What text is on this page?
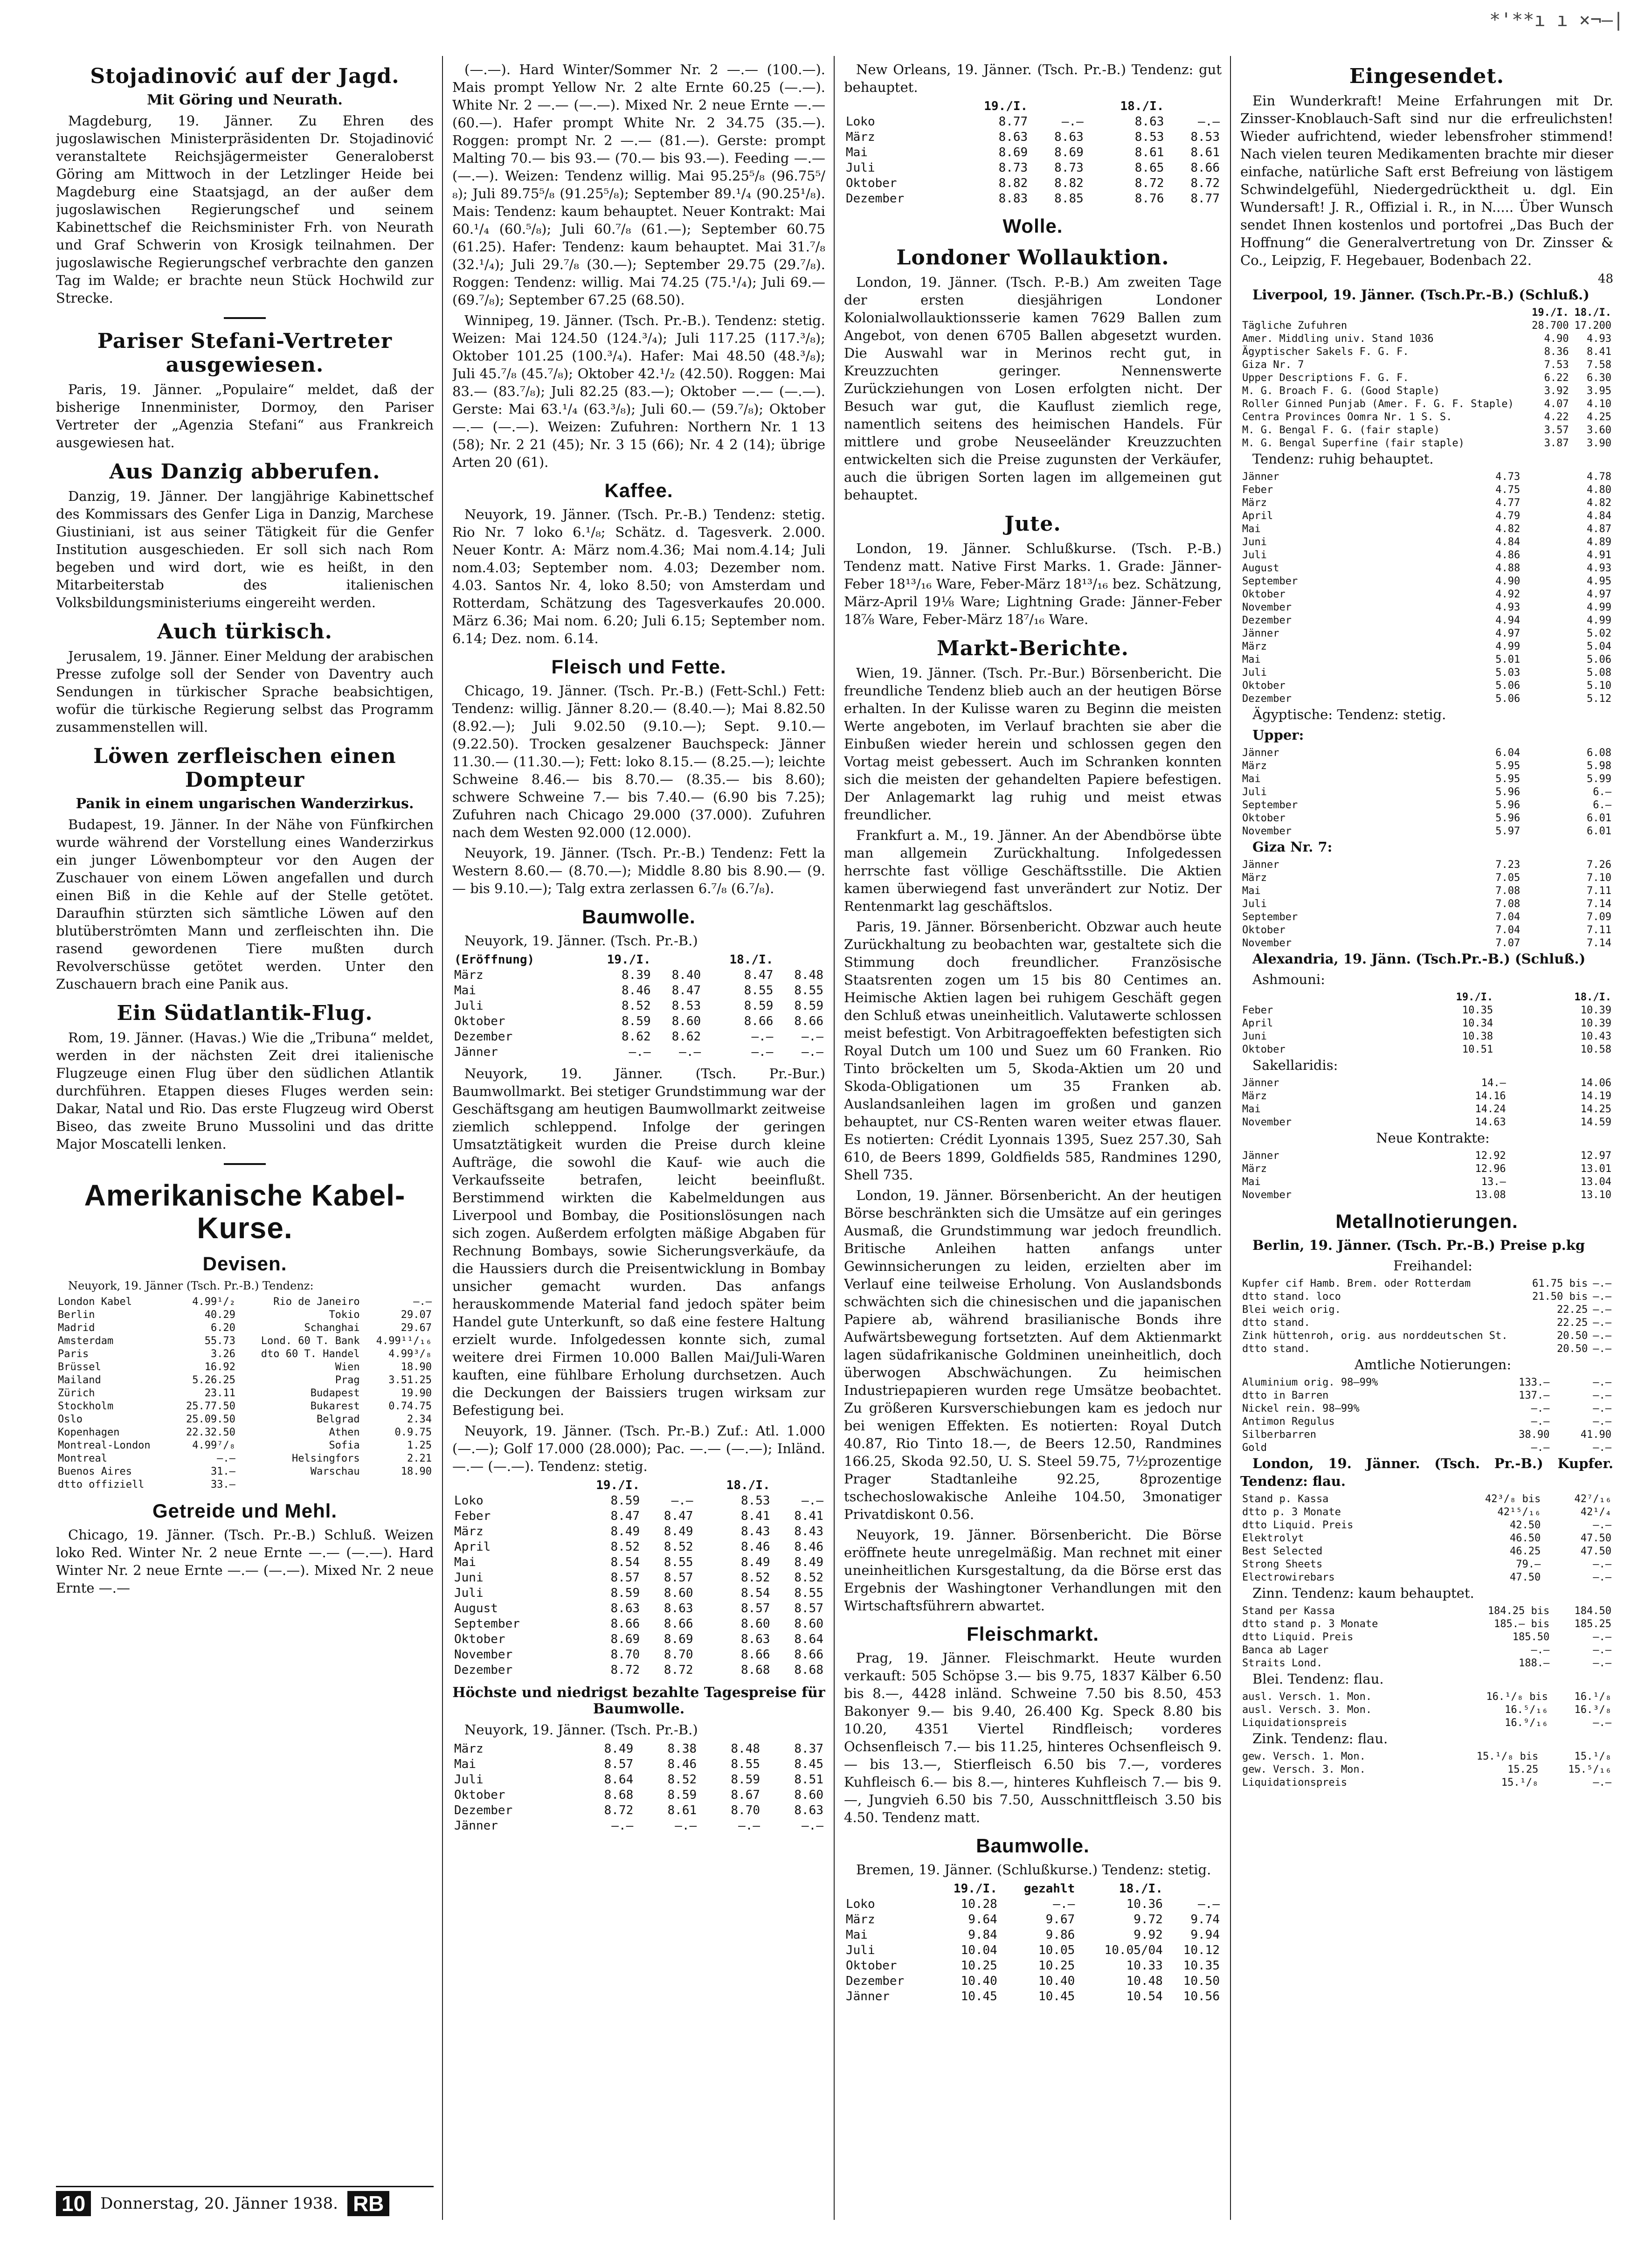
*'**ı ı ×¬—|
Stojadinović auf der Jagd.
Mit Göring und Neurath.

Magdeburg, 19. Jänner. Zu Ehren des jugoslawischen Ministerpräsidenten Dr. Stojadinović veranstaltete Reichsjägermeister Generaloberst Göring am Mittwoch in der Letzlinger Heide bei Magdeburg eine Staatsjagd, an der außer dem jugoslawischen Regierungschef und seinem Kabinettschef die Reichsminister Frh. von Neurath und Graf Schwerin von Krosigk teilnahmen. Der jugoslawische Regierungschef verbrachte den ganzen Tag im Walde; er brachte neun Stück Hochwild zur Strecke.

Pariser Stefani-Vertreter ausgewiesen.

Paris, 19. Jänner. „Populaire“ meldet, daß der bisherige Innenminister, Dormoy, den Pariser Vertreter der „Agenzia Stefani“ aus Frankreich ausgewiesen hat.

Aus Danzig abberufen.

Danzig, 19. Jänner. Der langjährige Kabinettschef des Kommissars des Genfer Liga in Danzig, Marchese Giustiniani, ist aus seiner Tätigkeit für die Genfer Institution ausgeschieden. Er soll sich nach Rom begeben und wird dort, wie es heißt, in den Mitarbeiterstab des italienischen Volksbildungsministeriums eingereiht werden.

Auch türkisch.

Jerusalem, 19. Jänner. Einer Meldung der arabischen Presse zufolge soll der Sender von Daventry auch Sendungen in türkischer Sprache beabsichtigen, wofür die türkische Regierung selbst das Programm zusammenstellen will.

Löwen zerfleischen einen Dompteur
Panik in einem ungarischen Wanderzirkus.

Budapest, 19. Jänner. In der Nähe von Fünfkirchen wurde während der Vorstellung eines Wanderzirkus ein junger Löwenbompteur vor den Augen der Zuschauer von einem Löwen angefallen und durch einen Biß in die Kehle auf der Stelle getötet. Daraufhin stürzten sich sämtliche Löwen auf den blutüberströmten Mann und zerfleischten ihn. Die rasend gewordenen Tiere mußten durch Revolverschüsse getötet werden. Unter den Zuschauern brach eine Panik aus.

Ein Südatlantik-Flug.

Rom, 19. Jänner. (Havas.) Wie die „Tribuna“ meldet, werden in der nächsten Zeit drei italienische Flugzeuge einen Flug über den südlichen Atlantik durchführen. Etappen dieses Fluges werden sein: Dakar, Natal und Rio. Das erste Flugzeug wird Oberst Biseo, das zweite Bruno Mussolini und das dritte Major Moscatelli lenken.

Amerikanische Kabel-Kurse.
Devisen.

Neuyork, 19. Jänner (Tsch. Pr.-B.) Tendenz:

London Kabel	4.99¹/₂	Rio de Janeiro	—.—
Berlin	40.29	Tokio	29.07
Madrid	6.20	Schanghai	29.67
Amsterdam	55.73	Lond. 60 T. Bank	4.99¹¹/₁₆
Paris	3.26	dto 60 T. Handel	4.99³/₈
Brüssel	16.92	Wien	18.90
Mailand	5.26.25	Prag	3.51.25
Zürich	23.11	Budapest	19.90
Stockholm	25.77.50	Bukarest	0.74.75
Oslo	25.09.50	Belgrad	2.34
Kopenhagen	22.32.50	Athen	0.9.75
Montreal-London	4.99⁷/₈	Sofia	1.25
Montreal	—.—	Helsingfors	2.21
Buenos Aires	31.—	Warschau	18.90
dtto offiziell	33.—		
Getreide und Mehl.

Chicago, 19. Jänner. (Tsch. Pr.-B.) Schluß. Weizen loko Red. Winter Nr. 2 neue Ernte —.— (—.—). Hard Winter Nr. 2 neue Ernte —.— (—.—). Mixed Nr. 2 neue Ernte —.—

10 Donnerstag, 20. Jänner 1938. RB

(—.—). Hard Winter/Sommer Nr. 2 —.— (100.—). Mais prompt Yellow Nr. 2 alte Ernte 60.25 (—.—). White Nr. 2 —.— (—.—). Mixed Nr. 2 neue Ernte —.— (60.—). Hafer prompt White Nr. 2 34.75 (35.—). Roggen: prompt Nr. 2 —.— (81.—). Gerste: prompt Malting 70.— bis 93.— (70.— bis 93.—). Feeding —.— (—.—). Weizen: Tendenz willig. Mai 95.25⁵/₈ (96.75⁵/₈); Juli 89.75⁵/₈ (91.25⁵/₈); September 89.¹/₄ (90.25¹/₈). Mais: Tendenz: kaum behauptet. Neuer Kontrakt: Mai 60.¹/₄ (60.⁵/₈); Juli 60.⁷/₈ (61.—); September 60.75 (61.25). Hafer: Tendenz: kaum behauptet. Mai 31.⁷/₈ (32.¹/₄); Juli 29.⁷/₈ (30.—); September 29.75 (29.⁷/₈). Roggen: Tendenz: willig. Mai 74.25 (75.¹/₄); Juli 69.— (69.⁷/₈); September 67.25 (68.50).

Winnipeg, 19. Jänner. (Tsch. Pr.-B.). Tendenz: stetig. Weizen: Mai 124.50 (124.³/₄); Juli 117.25 (117.³/₈); Oktober 101.25 (100.³/₄). Hafer: Mai 48.50 (48.³/₈); Juli 45.⁷/₈ (45.⁷/₈); Oktober 42.¹/₂ (42.50). Roggen: Mai 83.— (83.⁷/₈); Juli 82.25 (83.—); Oktober —.— (—.—). Gerste: Mai 63.¹/₄ (63.³/₈); Juli 60.— (59.⁷/₈); Oktober —.— (—.—). Weizen: Zufuhren: Northern Nr. 1 13 (58); Nr. 2 21 (45); Nr. 3 15 (66); Nr. 4 2 (14); übrige Arten 20 (61).

Kaffee.

Neuyork, 19. Jänner. (Tsch. Pr.-B.) Tendenz: stetig. Rio Nr. 7 loko 6.¹/₈; Schätz. d. Tagesverk. 2.000. Neuer Kontr. A: März nom.4.36; Mai nom.4.14; Juli nom.4.03; September nom. 4.03; Dezember nom. 4.03. Santos Nr. 4, loko 8.50; von Amsterdam und Rotterdam, Schätzung des Tagesverkaufes 20.000. März 6.36; Mai nom. 6.20; Juli 6.15; September nom. 6.14; Dez. nom. 6.14.

Fleisch und Fette.

Chicago, 19. Jänner. (Tsch. Pr.-B.) (Fett-Schl.) Fett: Tendenz: willig. Jänner 8.20.— (8.40.—); Mai 8.82.50 (8.92.—); Juli 9.02.50 (9.10.—); Sept. 9.10.— (9.22.50). Trocken gesalzener Bauchspeck: Jänner 11.30.— (11.30.—); Fett: loko 8.15.— (8.25.—); leichte Schweine 8.46.— bis 8.70.— (8.35.— bis 8.60); schwere Schweine 7.— bis 7.40.— (6.90 bis 7.25); Zufuhren nach Chicago 29.000 (37.000). Zufuhren nach dem Westen 92.000 (12.000).

Neuyork, 19. Jänner. (Tsch. Pr.-B.) Tendenz: Fett la Western 8.60.— (8.70.—); Middle 8.80 bis 8.90.— (9.— bis 9.10.—); Talg extra zerlassen 6.⁷/₈ (6.⁷/₈).

Baumwolle.

Neuyork, 19. Jänner. (Tsch. Pr.-B.)

(Eröffnung)	19./I.		18./I.	
März	8.39	8.40	8.47	8.48
Mai	8.46	8.47	8.55	8.55
Juli	8.52	8.53	8.59	8.59
Oktober	8.59	8.60	8.66	8.66
Dezember	8.62	8.62	—.—	—.—
Jänner	—.—	—.—	—.—	—.—

Neuyork, 19. Jänner. (Tsch. Pr.-Bur.) Baumwollmarkt. Bei stetiger Grundstimmung war der Geschäftsgang am heutigen Baumwollmarkt zeitweise ziemlich schleppend. Infolge der geringen Umsatztätigkeit wurden die Preise durch kleine Aufträge, die sowohl die Kauf- wie auch die Verkaufsseite betrafen, leicht beeinflußt. Berstimmend wirkten die Kabelmeldungen aus Liverpool und Bombay, die Positionslösungen nach sich zogen. Außerdem erfolgten mäßige Abgaben für Rechnung Bombays, sowie Sicherungsverkäufe, da die Haussiers durch die Preisentwicklung in Bombay unsicher gemacht wurden. Das anfangs herauskommende Material fand jedoch später beim Handel gute Unterkunft, so daß eine festere Haltung erzielt wurde. Infolgedessen konnte sich, zumal weitere drei Firmen 10.000 Ballen Mai/Juli-Waren kauften, eine fühlbare Erholung durchsetzen. Auch die Deckungen der Baissiers trugen wirksam zur Befestigung bei.

Neuyork, 19. Jänner. (Tsch. Pr.-B.) Zuf.: Atl. 1.000 (—.—); Golf 17.000 (28.000); Pac. —.— (—.—); Inländ. —.— (—.—). Tendenz: stetig.

	19./I.		18./I.	
Loko	8.59	—.—	8.53	—.—
Feber	8.47	8.47	8.41	8.41
März	8.49	8.49	8.43	8.43
April	8.52	8.52	8.46	8.46
Mai	8.54	8.55	8.49	8.49
Juni	8.57	8.57	8.52	8.52
Juli	8.59	8.60	8.54	8.55
August	8.63	8.63	8.57	8.57
September	8.66	8.66	8.60	8.60
Oktober	8.69	8.69	8.63	8.64
November	8.70	8.70	8.66	8.66
Dezember	8.72	8.72	8.68	8.68
Höchste und niedrigst bezahlte Tagespreise für Baumwolle.

Neuyork, 19. Jänner. (Tsch. Pr.-B.)

März	8.49	8.38	8.48	8.37
Mai	8.57	8.46	8.55	8.45
Juli	8.64	8.52	8.59	8.51
Oktober	8.68	8.59	8.67	8.60
Dezember	8.72	8.61	8.70	8.63
Jänner	—.—	—.—	—.—	—.—

New Orleans, 19. Jänner. (Tsch. Pr.-B.) Tendenz: gut behauptet.

	19./I.		18./I.	
Loko	8.77	—.—	8.63	—.—
März	8.63	8.63	8.53	8.53
Mai	8.69	8.69	8.61	8.61
Juli	8.73	8.73	8.65	8.66
Oktober	8.82	8.82	8.72	8.72
Dezember	8.83	8.85	8.76	8.77
Wolle.
Londoner Wollauktion.

London, 19. Jänner. (Tsch. P.-B.) Am zweiten Tage der ersten diesjährigen Londoner Kolonialwollauktionsserie kamen 7629 Ballen zum Angebot, von denen 6705 Ballen abgesetzt wurden. Die Auswahl war in Merinos recht gut, in Kreuzzuchten geringer. Nennenswerte Zurückziehungen von Losen erfolgten nicht. Der Besuch war gut, die Kauflust ziemlich rege, namentlich seitens des heimischen Handels. Für mittlere und grobe Neuseeländer Kreuzzuchten entwickelten sich die Preise zugunsten der Verkäufer, auch die übrigen Sorten lagen im allgemeinen gut behauptet.

Jute.

London, 19. Jänner. Schlußkurse. (Tsch. P.-B.) Tendenz matt. Native First Marks. 1. Grade: Jänner-Feber 18¹³/₁₆ Ware, Feber-März 18¹³/₁₆ bez. Schätzung, März-April 19⅛ Ware; Lightning Grade: Jänner-Feber 18⅞ Ware, Feber-März 18⁷/₁₆ Ware.

Markt-Berichte.

Wien, 19. Jänner. (Tsch. Pr.-Bur.) Börsenbericht. Die freundliche Tendenz blieb auch an der heutigen Börse erhalten. In der Kulisse waren zu Beginn die meisten Werte angeboten, im Verlauf brachten sie aber die Einbußen wieder herein und schlossen gegen den Vortag meist gebessert. Auch im Schranken konnten sich die meisten der gehandelten Papiere befestigen. Der Anlagemarkt lag ruhig und meist etwas freundlicher.

Frankfurt a. M., 19. Jänner. An der Abendbörse übte man allgemein Zurückhaltung. Infolgedessen herrschte fast völlige Geschäftsstille. Die Aktien kamen überwiegend fast unverändert zur Notiz. Der Rentenmarkt lag geschäftslos.

Paris, 19. Jänner. Börsenbericht. Obzwar auch heute Zurückhaltung zu beobachten war, gestaltete sich die Stimmung doch freundlicher. Französische Staatsrenten zogen um 15 bis 80 Centimes an. Heimische Aktien lagen bei ruhigem Geschäft gegen den Schluß etwas uneinheitlich. Valutawerte schlossen meist befestigt. Von Arbitragoeffekten befestigten sich Royal Dutch um 100 und Suez um 60 Franken. Rio Tinto bröckelten um 5, Skoda-Aktien um 20 und Skoda-Obligationen um 35 Franken ab. Auslandsanleihen lagen im großen und ganzen behauptet, nur CS-Renten waren weiter etwas flauer. Es notierten: Crédit Lyonnais 1395, Suez 257.30, Sah 610, de Beers 1899, Goldfields 585, Randmines 1290, Shell 735.

London, 19. Jänner. Börsenbericht. An der heutigen Börse beschränkten sich die Umsätze auf ein geringes Ausmaß, die Grundstimmung war jedoch freundlich. Britische Anleihen hatten anfangs unter Gewinnsicherungen zu leiden, erzielten aber im Verlauf eine teilweise Erholung. Von Auslandsbonds schwächten sich die chinesischen und die japanischen Papiere ab, während brasilianische Bonds ihre Aufwärtsbewegung fortsetzten. Auf dem Aktienmarkt lagen südafrikanische Goldminen uneinheitlich, doch überwogen Abschwächungen. Zu heimischen Industriepapieren wurden rege Umsätze beobachtet. Zu größeren Kursverschiebungen kam es jedoch nur bei wenigen Effekten. Es notierten: Royal Dutch 40.87, Rio Tinto 18.—, de Beers 12.50, Randmines 166.25, Skoda 92.50, U. S. Steel 59.75, 7½prozentige Prager Stadtanleihe 92.25, 8prozentige tschechoslowakische Anleihe 104.50, 3monatiger Privatdiskont 0.56.

Neuyork, 19. Jänner. Börsenbericht. Die Börse eröffnete heute unregelmäßig. Man rechnet mit einer uneinheitlichen Kursgestaltung, da die Börse erst das Ergebnis der Washingtoner Verhandlungen mit den Wirtschaftsführern abwartet.

Fleischmarkt.

Prag, 19. Jänner. Fleischmarkt. Heute wurden verkauft: 505 Schöpse 3.— bis 9.75, 1837 Kälber 6.50 bis 8.—, 4428 inländ. Schweine 7.50 bis 8.50, 453 Bakonyer 9.— bis 9.40, 26.400 Kg. Speck 8.80 bis 10.20, 4351 Viertel Rindfleisch; vorderes Ochsenfleisch 7.— bis 11.25, hinteres Ochsenfleisch 9.— bis 13.—, Stierfleisch 6.50 bis 7.—, vorderes Kuhfleisch 6.— bis 8.—, hinteres Kuhfleisch 7.— bis 9.—, Jungvieh 6.50 bis 7.50, Ausschnittfleisch 3.50 bis 4.50. Tendenz matt.

Baumwolle.

Bremen, 19. Jänner. (Schlußkurse.) Tendenz: stetig.

	19./I.	gezahlt	18./I.	
Loko	10.28	—.—	10.36	—.—
März	9.64	9.67	9.72	9.74
Mai	9.84	9.86	9.92	9.94
Juli	10.04	10.05	10.05/04	10.12
Oktober	10.25	10.25	10.33	10.35
Dezember	10.40	10.40	10.48	10.50
Jänner	10.45	10.45	10.54	10.56
Eingesendet.

Ein Wunderkraft! Meine Erfahrungen mit Dr. Zinsser-Knoblauch-Saft sind nur die erfreulichsten! Wieder aufrichtend, wieder lebensfroher stimmend! Nach vielen teuren Medikamenten brachte mir dieser einfache, natürliche Saft erst Befreiung von lästigem Schwindelgefühl, Niedergedrücktheit u. dgl. Ein Wundersaft! J. R., Offizial i. R., in N..... Über Wunsch sendet Ihnen kostenlos und portofrei „Das Buch der Hoffnung“ die Generalvertretung von Dr. Zinsser & Co., Leipzig, F. Hegebauer, Bodenbach 22.

48

Liverpool, 19. Jänner. (Tsch.Pr.-B.) (Schluß.)

	19./I.	18./I.
Tägliche Zufuhren	28.700	17.200
Amer. Middling univ. Stand 1036	4.90	4.93
Ägyptischer Sakels F. G. F.	8.36	8.41
Giza Nr. 7	7.53	7.58
Upper Descriptions F. G. F.	6.22	6.30
M. G. Broach F. G. (Good Staple)	3.92	3.95
Roller Ginned Punjab (Amer. F. G. F. Staple)	4.07	4.10
Centra Provinces Oomra Nr. 1 S. S.	4.22	4.25
M. G. Bengal F. G. (fair staple)	3.57	3.60
M. G. Bengal Superfine (fair staple)	3.87	3.90

Tendenz: ruhig behauptet.

Jänner	4.73	4.78
Feber	4.75	4.80
März	4.77	4.82
April	4.79	4.84
Mai	4.82	4.87
Juni	4.84	4.89
Juli	4.86	4.91
August	4.88	4.93
September	4.90	4.95
Oktober	4.92	4.97
November	4.93	4.99
Dezember	4.94	4.99
Jänner	4.97	5.02
März	4.99	5.04
Mai	5.01	5.06
Juli	5.03	5.08
Oktober	5.06	5.10
Dezember	5.06	5.12

Ägyptische: Tendenz: stetig.

Upper:

Jänner	6.04	6.08
März	5.95	5.98
Mai	5.95	5.99
Juli	5.96	6.—
September	5.96	6.—
Oktober	5.96	6.01
November	5.97	6.01

Giza Nr. 7:

Jänner	7.23	7.26
März	7.05	7.10
Mai	7.08	7.11
Juli	7.08	7.14
September	7.04	7.09
Oktober	7.04	7.11
November	7.07	7.14

Alexandria, 19. Jänn. (Tsch.Pr.-B.) (Schluß.)

Ashmouni:

	19./I.	18./I.
Feber	10.35	10.39
April	10.34	10.39
Juni	10.38	10.43
Oktober	10.51	10.58

Sakellaridis:

Jänner	14.—	14.06
März	14.16	14.19
Mai	14.24	14.25
November	14.63	14.59

Neue Kontrakte:

Jänner	12.92	12.97
März	12.96	13.01
Mai	13.—	13.04
November	13.08	13.10
Metallnotierungen.

Berlin, 19. Jänner. (Tsch. Pr.-B.) Preise p.kg

Freihandel:

Kupfer cif Hamb. Brem. oder Rotterdam	61.75 bis	—.—
dtto stand. loco	21.50 bis	—.—
Blei weich orig.	22.25	—.—
dtto stand.	22.25	—.—
Zink hüttenroh, orig. aus norddeutschen St.	20.50	—.—
dtto stand.	20.50	—.—

Amtliche Notierungen:

Aluminium orig. 98—99%	133.—	—.—
dtto in Barren	137.—	—.—
Nickel rein. 98—99%	—.—	—.—
Antimon Regulus	—.—	—.—
Silberbarren	38.90	41.90
Gold	—.—	—.—

London, 19. Jänner. (Tsch. Pr.-B.) Kupfer. Tendenz: flau.

Stand p. Kassa	42³/₈ bis	42⁷/₁₆
dtto p. 3 Monate	42¹⁵/₁₆	42¹/₄
dtto Liquid. Preis	42.50	—.—
Elektrolyt	46.50	47.50
Best Selected	46.25	47.50
Strong Sheets	79.—	—.—
Electrowirebars	47.50	—.—

Zinn. Tendenz: kaum behauptet.

Stand per Kassa	184.25 bis	184.50
dtto stand p. 3 Monate	185.— bis	185.25
dtto Liquid. Preis	185.50	—.—
Banca ab Lager	—.—	—.—
Straits Lond.	188.—	—.—

Blei. Tendenz: flau.

ausl. Versch. 1. Mon.	16.¹/₈ bis	16.¹/₈
ausl. Versch. 3. Mon.	16.⁵/₁₆	16.³/₈
Liquidationspreis	16.⁹/₁₆	—.—

Zink. Tendenz: flau.

gew. Versch. 1. Mon.	15.¹/₈ bis	15.¹/₈
gew. Versch. 3. Mon.	15.25	15.⁵/₁₆
Liquidationspreis	15.¹/₈	—.—
